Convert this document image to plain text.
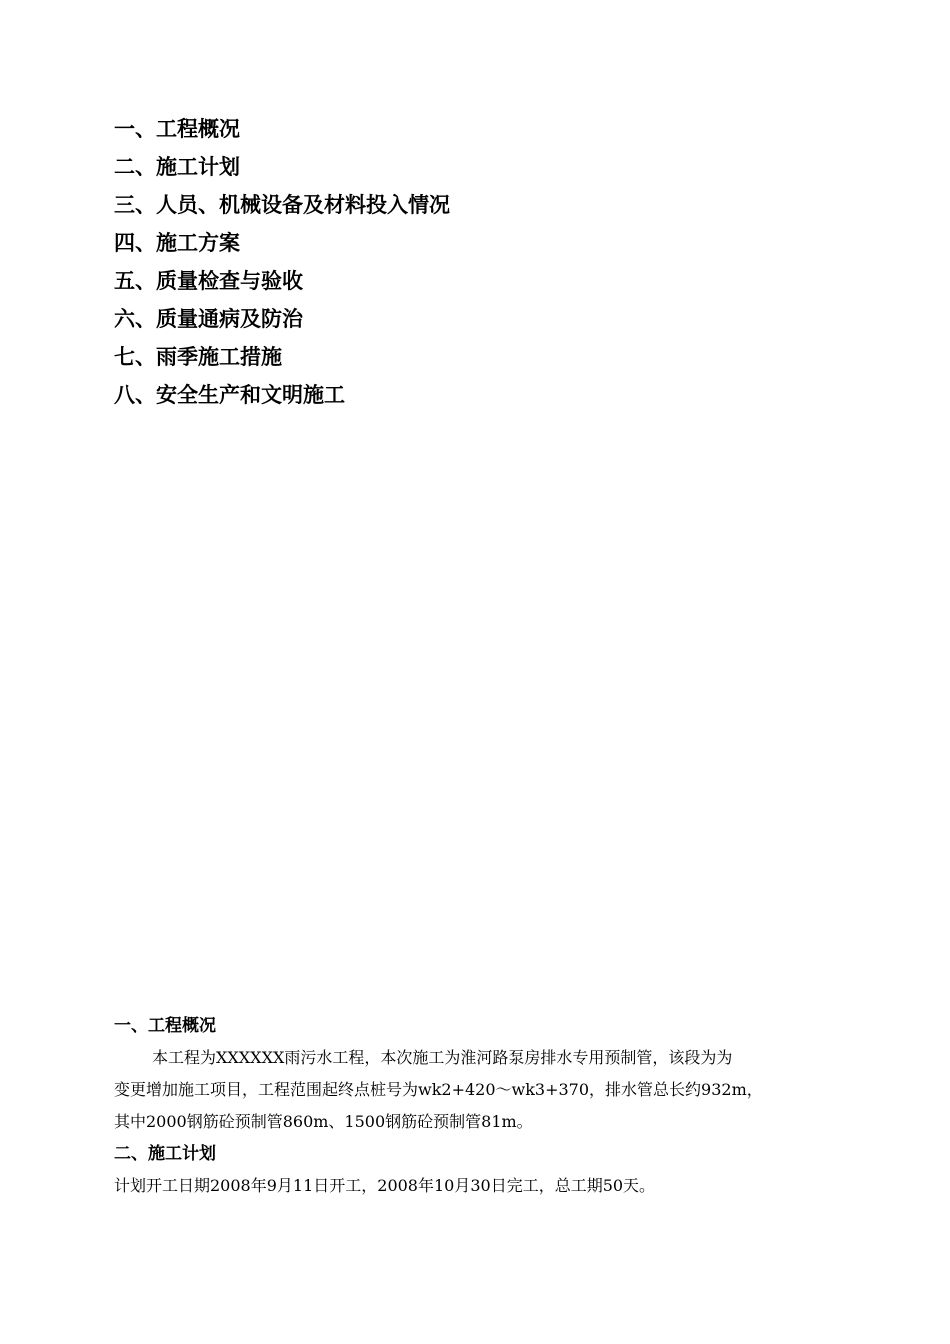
一、工程概况
二、施工计划
三、人员、机械设备及材料投入情况
四、施工方案
五、质量检查与验收
六、质量通病及防治
七、雨季施工措施
八、安全生产和文明施工
一、工程概况
本工程为XXXXXX雨污水工程，本次施工为淮河路泵房排水专用预制管，该段为为
变更增加施工项目，工程范围起终点桩号为wk2+420～wk3+370，排水管总长约932m，
其中2000钢筋砼预制管860m、1500钢筋砼预制管81m。
二、施工计划
计划开工日期2008年9月11日开工，2008年10月30日完工，总工期50天。
